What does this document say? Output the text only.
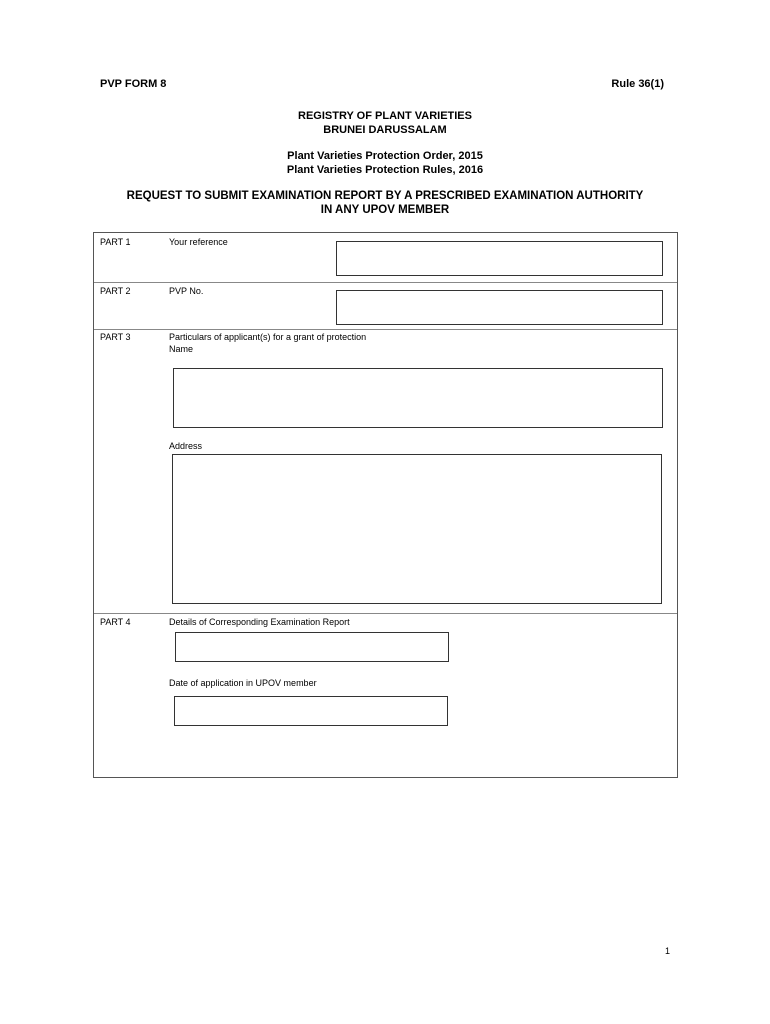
PVP FORM 8	Rule 36(1)
REGISTRY OF PLANT VARIETIES
BRUNEI DARUSSALAM
Plant Varieties Protection Order, 2015
Plant Varieties Protection Rules, 2016
REQUEST TO SUBMIT EXAMINATION REPORT BY A PRESCRIBED EXAMINATION AUTHORITY
IN ANY UPOV MEMBER
PART 1	Your reference
PART 2	PVP No.
PART 3	Particulars of applicant(s) for a grant of protection
Name
Address
PART 4	Details of Corresponding Examination Report
Date of application in UPOV member
1
